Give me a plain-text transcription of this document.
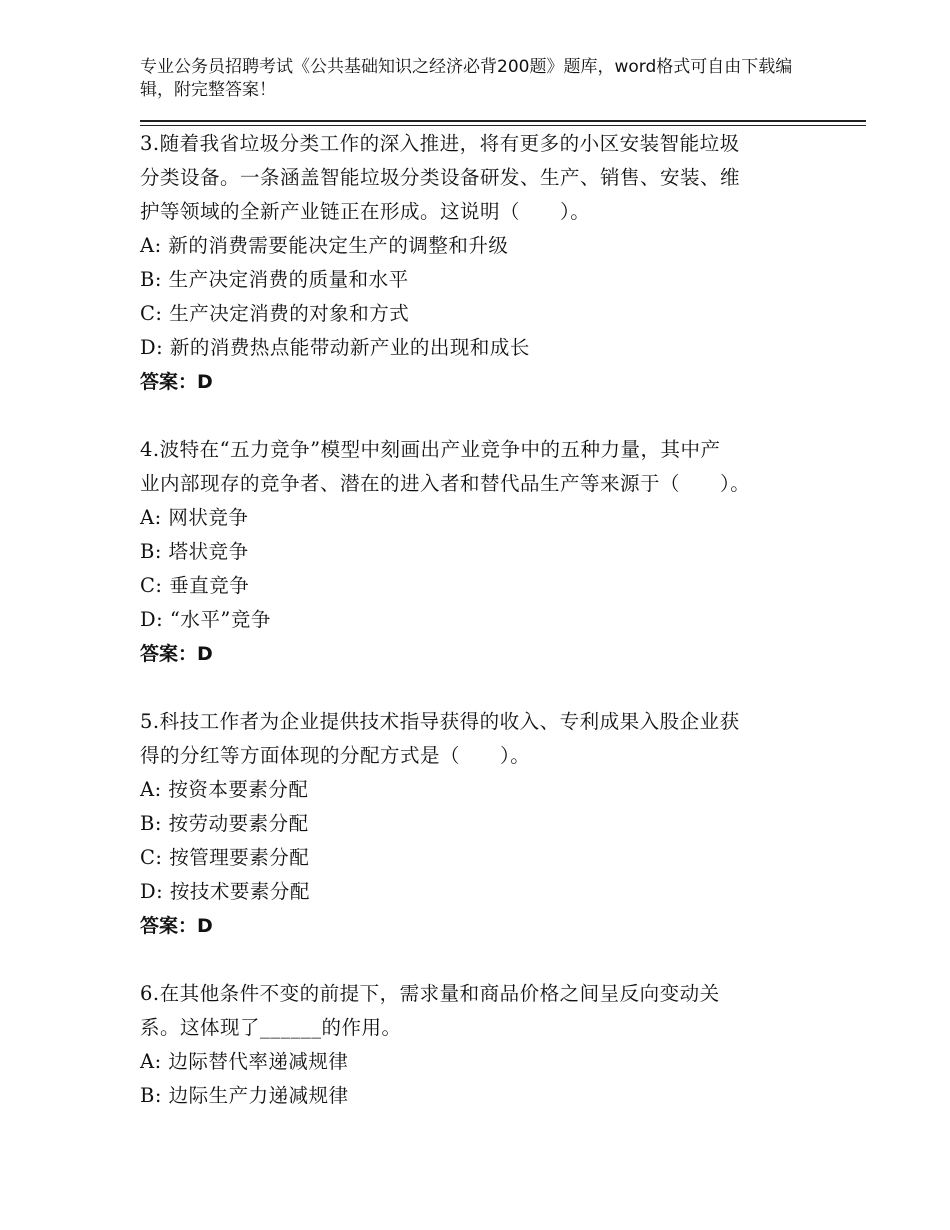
专业公务员招聘考试《公共基础知识之经济必背200题》题库，word格式可自由下载编辑，附完整答案！
3.随着我省垃圾分类工作的深入推进，将有更多的小区安装智能垃圾
分类设备。一条涵盖智能垃圾分类设备研发、生产、销售、安装、维
护等领域的全新产业链正在形成。这说明（　　）。
A: 新的消费需要能决定生产的调整和升级
B: 生产决定消费的质量和水平
C: 生产决定消费的对象和方式
D: 新的消费热点能带动新产业的出现和成长
答案：D
4.波特在“五力竞争”模型中刻画出产业竞争中的五种力量，其中产
业内部现存的竞争者、潜在的进入者和替代品生产等来源于（　　）。
A: 网状竞争
B: 塔状竞争
C: 垂直竞争
D: “水平”竞争
答案：D
5.科技工作者为企业提供技术指导获得的收入、专利成果入股企业获
得的分红等方面体现的分配方式是（　　）。
A: 按资本要素分配
B: 按劳动要素分配
C: 按管理要素分配
D: 按技术要素分配
答案：D
6.在其他条件不变的前提下，需求量和商品价格之间呈反向变动关
系。这体现了______的作用。
A: 边际替代率递减规律
B: 边际生产力递减规律
